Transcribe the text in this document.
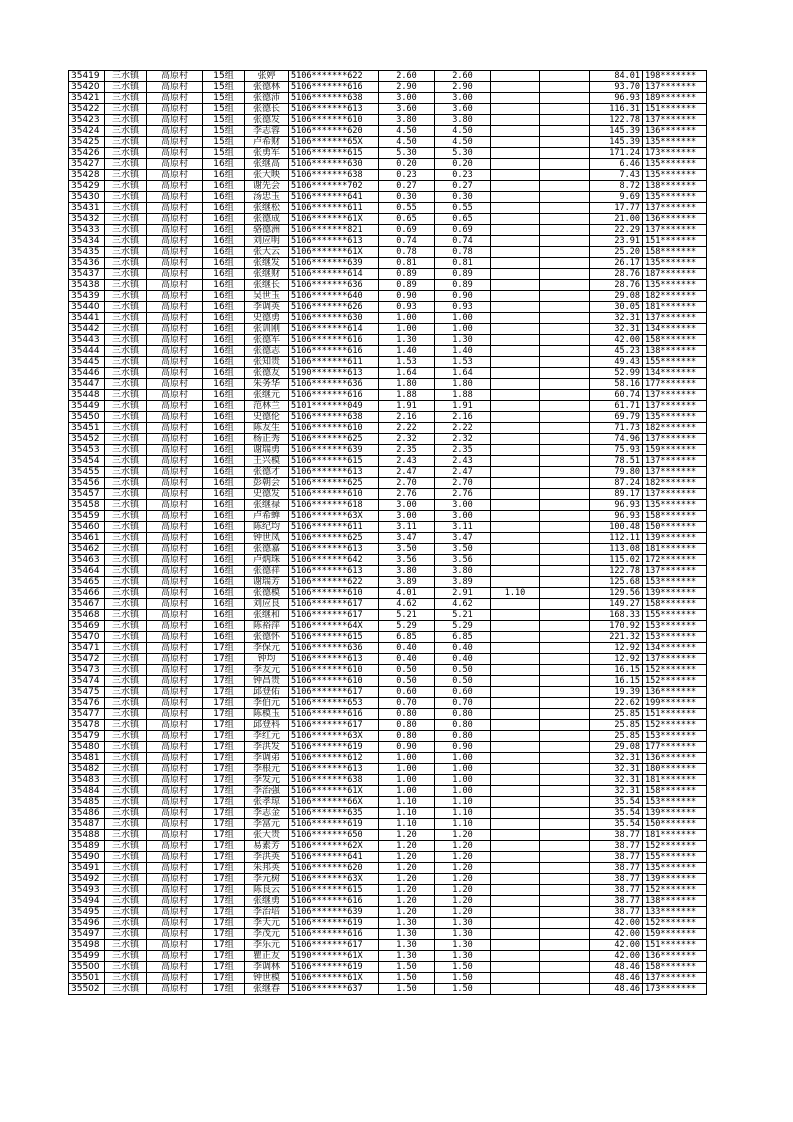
35419	三水镇	高原村	15组	张婷	5106*******622	2.60	2.60			84.01	198*******
35420	三水镇	高原村	15组	张德林	5106*******616	2.90	2.90			93.70	137*******
35421	三水镇	高原村	15组	张德沛	5106*******638	3.00	3.00			96.93	189*******
35422	三水镇	高原村	15组	张德长	5106*******613	3.60	3.60			116.31	151*******
35423	三水镇	高原村	15组	张德发	5106*******610	3.80	3.80			122.78	137*******
35424	三水镇	高原村	15组	李志蓉	5106*******620	4.50	4.50			145.39	136*******
35425	三水镇	高原村	15组	卢希财	5106*******65X	4.50	4.50			145.39	135*******
35426	三水镇	高原村	15组	张勇军	5106*******615	5.30	5.30			171.24	173*******
35427	三水镇	高原村	16组	张继高	5106*******630	0.20	0.20			6.46	135*******
35428	三水镇	高原村	16组	张大映	5106*******638	0.23	0.23			7.43	135*******
35429	三水镇	高原村	16组	谢先会	5106*******702	0.27	0.27			8.72	138*******
35430	三水镇	高原村	16组	汤忠玉	5106*******641	0.30	0.30			9.69	135*******
35431	三水镇	高原村	16组	张继松	5106*******611	0.55	0.55			17.77	137*******
35432	三水镇	高原村	16组	张德成	5106*******61X	0.65	0.65			21.00	136*******
35433	三水镇	高原村	16组	骆德洲	5106*******821	0.69	0.69			22.29	137*******
35434	三水镇	高原村	16组	刘应明	5106*******613	0.74	0.74			23.91	151*******
35435	三水镇	高原村	16组	张大云	5106*******61X	0.78	0.78			25.20	158*******
35436	三水镇	高原村	16组	张继发	5106*******639	0.81	0.81			26.17	135*******
35437	三水镇	高原村	16组	张继财	5106*******614	0.89	0.89			28.76	187*******
35438	三水镇	高原村	16组	张继长	5106*******636	0.89	0.89			28.76	135*******
35439	三水镇	高原村	16组	吴世玉	5106*******640	0.90	0.90			29.08	182*******
35440	三水镇	高原村	16组	李调英	5106*******626	0.93	0.93			30.05	181*******
35441	三水镇	高原村	16组	史德勇	5106*******630	1.00	1.00			32.31	137*******
35442	三水镇	高原村	16组	张训刚	5106*******614	1.00	1.00			32.31	134*******
35443	三水镇	高原村	16组	张德军	5106*******616	1.30	1.30			42.00	158*******
35444	三水镇	高原村	16组	张德志	5106*******616	1.40	1.40			45.23	138*******
35445	三水镇	高原村	16组	张知贵	5106*******611	1.53	1.53			49.43	155*******
35446	三水镇	高原村	16组	张德友	5190*******613	1.64	1.64			52.99	134*******
35447	三水镇	高原村	16组	朱务华	5106*******636	1.80	1.80			58.16	177*******
35448	三水镇	高原村	16组	张继元	5106*******616	1.88	1.88			60.74	137*******
35449	三水镇	高原村	16组	范林兰	5101*******049	1.91	1.91			61.71	137*******
35450	三水镇	高原村	16组	史德伦	5106*******638	2.16	2.16			69.79	135*******
35451	三水镇	高原村	16组	陈友生	5106*******610	2.22	2.22			71.73	182*******
35452	三水镇	高原村	16组	杨正秀	5106*******625	2.32	2.32			74.96	137*******
35453	三水镇	高原村	16组	谢瑞勇	5106*******639	2.35	2.35			75.93	159*******
35454	三水镇	高原村	16组	王兴模	5106*******615	2.43	2.43			78.51	137*******
35455	三水镇	高原村	16组	张德才	5106*******613	2.47	2.47			79.80	137*******
35456	三水镇	高原村	16组	彭朝会	5106*******625	2.70	2.70			87.24	182*******
35457	三水镇	高原村	16组	史德发	5106*******610	2.76	2.76			89.17	137*******
35458	三水镇	高原村	16组	张继禄	5106*******618	3.00	3.00			96.93	135*******
35459	三水镇	高原村	16组	卢希蝉	5106*******63X	3.00	3.00			96.93	158*******
35460	三水镇	高原村	16组	陈纪均	5106*******611	3.11	3.11			100.48	150*******
35461	三水镇	高原村	16组	钟世凤	5106*******625	3.47	3.47			112.11	139*******
35462	三水镇	高原村	16组	张德嘉	5106*******613	3.50	3.50			113.08	181*******
35463	三水镇	高原村	16组	卢炳珠	5106*******642	3.56	3.56			115.02	172*******
35464	三水镇	高原村	16组	张德祥	5106*******613	3.80	3.80			122.78	137*******
35465	三水镇	高原村	16组	谢瑞芳	5106*******622	3.89	3.89			125.68	153*******
35466	三水镇	高原村	16组	张德模	5106*******610	4.01	2.91	1.10		129.56	139*******
35467	三水镇	高原村	16组	刘应良	5106*******617	4.62	4.62			149.27	158*******
35468	三水镇	高原村	16组	张继和	5106*******617	5.21	5.21			168.33	155*******
35469	三水镇	高原村	16组	陈裕萍	5106*******64X	5.29	5.29			170.92	153*******
35470	三水镇	高原村	16组	张德怀	5106*******615	6.85	6.85			221.32	153*******
35471	三水镇	高原村	17组	李保元	5106*******636	0.40	0.40			12.92	134*******
35472	三水镇	高原村	17组	钟均	5106*******613	0.40	0.40			12.92	137*******
35473	三水镇	高原村	17组	李友元	5106*******610	0.50	0.50			16.15	152*******
35474	三水镇	高原村	17组	钟昌贵	5106*******610	0.50	0.50			16.15	152*******
35475	三水镇	高原村	17组	邱登佑	5106*******617	0.60	0.60			19.39	136*******
35476	三水镇	高原村	17组	李伯元	5106*******653	0.70	0.70			22.62	199*******
35477	三水镇	高原村	17组	陈模玉	5106*******616	0.80	0.80			25.85	151*******
35478	三水镇	高原村	17组	邱登科	5106*******617	0.80	0.80			25.85	152*******
35479	三水镇	高原村	17组	李红元	5106*******63X	0.80	0.80			25.85	153*******
35480	三水镇	高原村	17组	李洪发	5106*******619	0.90	0.90			29.08	177*******
35481	三水镇	高原村	17组	李调弟	5106*******612	1.00	1.00			32.31	136*******
35482	三水镇	高原村	17组	李根元	5106*******613	1.00	1.00			32.31	180*******
35483	三水镇	高原村	17组	李发元	5106*******638	1.00	1.00			32.31	181*******
35484	三水镇	高原村	17组	李治强	5106*******61X	1.00	1.00			32.31	158*******
35485	三水镇	高原村	17组	张孝琼	5106*******66X	1.10	1.10			35.54	153*******
35486	三水镇	高原村	17组	李志金	5106*******635	1.10	1.10			35.54	139*******
35487	三水镇	高原村	17组	李富元	5106*******619	1.10	1.10			35.54	150*******
35488	三水镇	高原村	17组	张大贵	5106*******650	1.20	1.20			38.77	181*******
35489	三水镇	高原村	17组	易素芳	5106*******62X	1.20	1.20			38.77	152*******
35490	三水镇	高原村	17组	李洪英	5106*******641	1.20	1.20			38.77	155*******
35491	三水镇	高原村	17组	朱邦英	5106*******620	1.20	1.20			38.77	135*******
35492	三水镇	高原村	17组	李元树	5106*******63X	1.20	1.20			38.77	139*******
35493	三水镇	高原村	17组	陈良云	5106*******615	1.20	1.20			38.77	152*******
35494	三水镇	高原村	17组	张继勇	5106*******616	1.20	1.20			38.77	138*******
35495	三水镇	高原村	17组	李治培	5106*******639	1.20	1.20			38.77	133*******
35496	三水镇	高原村	17组	李天元	5106*******619	1.30	1.30			42.00	152*******
35497	三水镇	高原村	17组	李茂元	5106*******616	1.30	1.30			42.00	159*******
35498	三水镇	高原村	17组	李乐元	5106*******617	1.30	1.30			42.00	151*******
35499	三水镇	高原村	17组	瞿正友	5190*******61X	1.30	1.30			42.00	136*******
35500	三水镇	高原村	17组	李调林	5106*******619	1.50	1.50			48.46	158*******
35501	三水镇	高原村	17组	钟世模	5106*******61X	1.50	1.50			48.46	137*******
35502	三水镇	高原村	17组	张继春	5106*******637	1.50	1.50			48.46	173*******
